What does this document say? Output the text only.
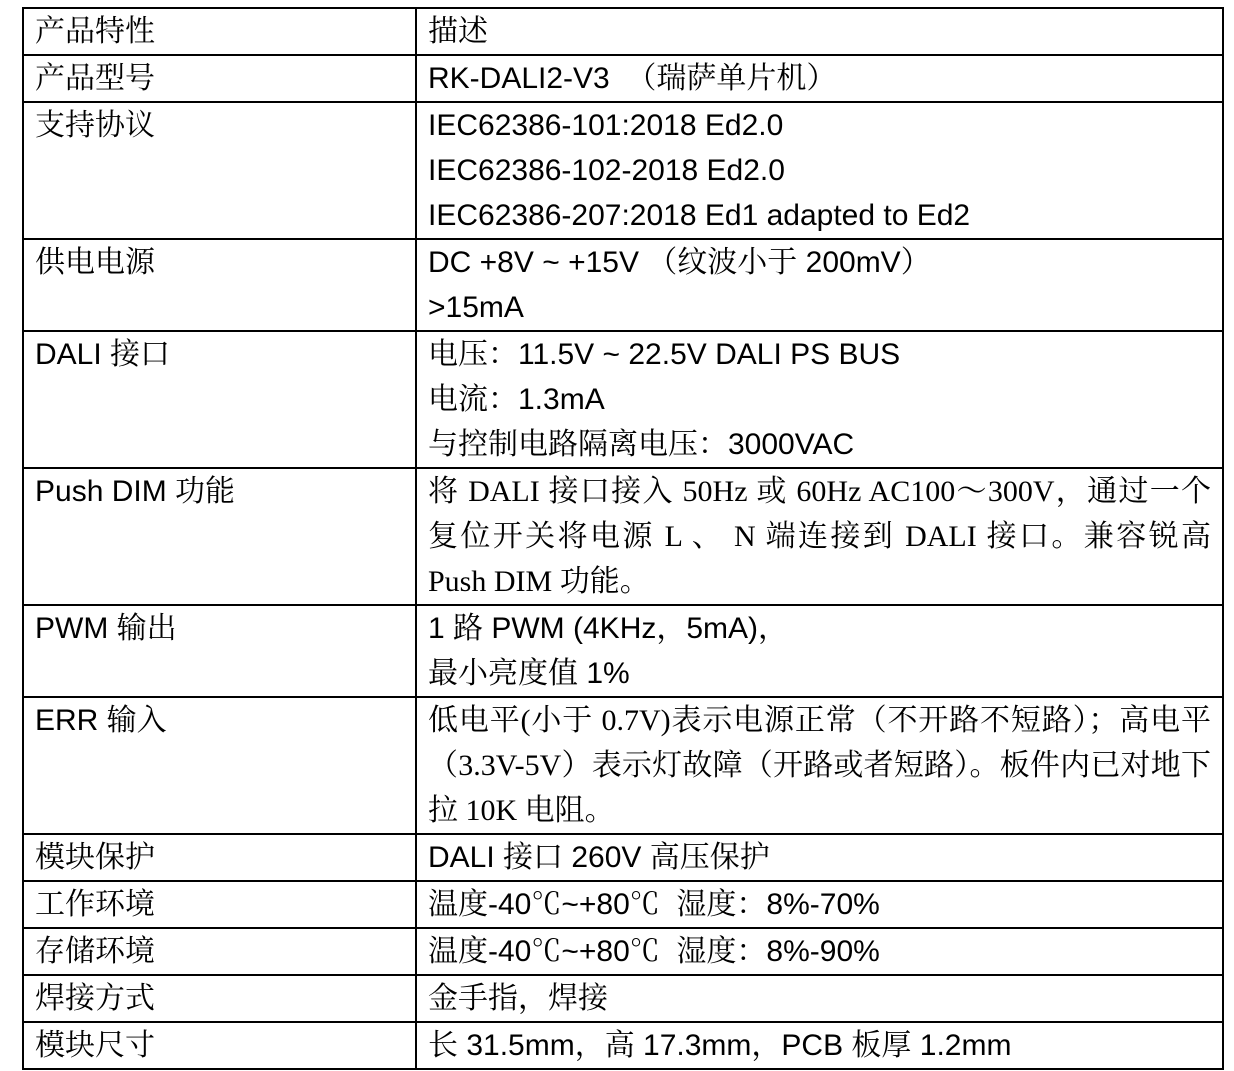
产品特性	描述

产品型号	RK-DALI2-V3  （瑞萨单片机）

支持协议	IEC62386-101:2018 Ed2.0
IEC62386-102-2018 Ed2.0
IEC62386-207:2018 Ed1 adapted to Ed2

供电电源	DC +8V ~ +15V （纹波小于 200mV）
>15mA

DALI 接口	电压：11.5V ~ 22.5V DALI PS BUS
电流：1.3mA
与控制电路隔离电压：3000VAC

Push DIM 功能	将 DALI 接口接入 50Hz 或 60Hz AC100～300V，通过一个复位开关将电源 L 、 N 端连接到 DALI 接口。兼容锐高 Push DIM 功能。

PWM 输出	1 路 PWM (4KHz，5mA)，
最小亮度值 1%

ERR 输入	低电平(小于 0.7V)表示电源正常（不开路不短路）；高电平（3.3V-5V）表示灯故障（开路或者短路）。板件内已对地下拉 10K 电阻。

模块保护	DALI 接口 260V 高压保护

工作环境	温度-40℃~+80℃  湿度：8%-70%

存储环境	温度-40℃~+80℃  湿度：8%-90%

焊接方式	金手指，焊接

模块尺寸	长 31.5mm，高 17.3mm，PCB 板厚 1.2mm
